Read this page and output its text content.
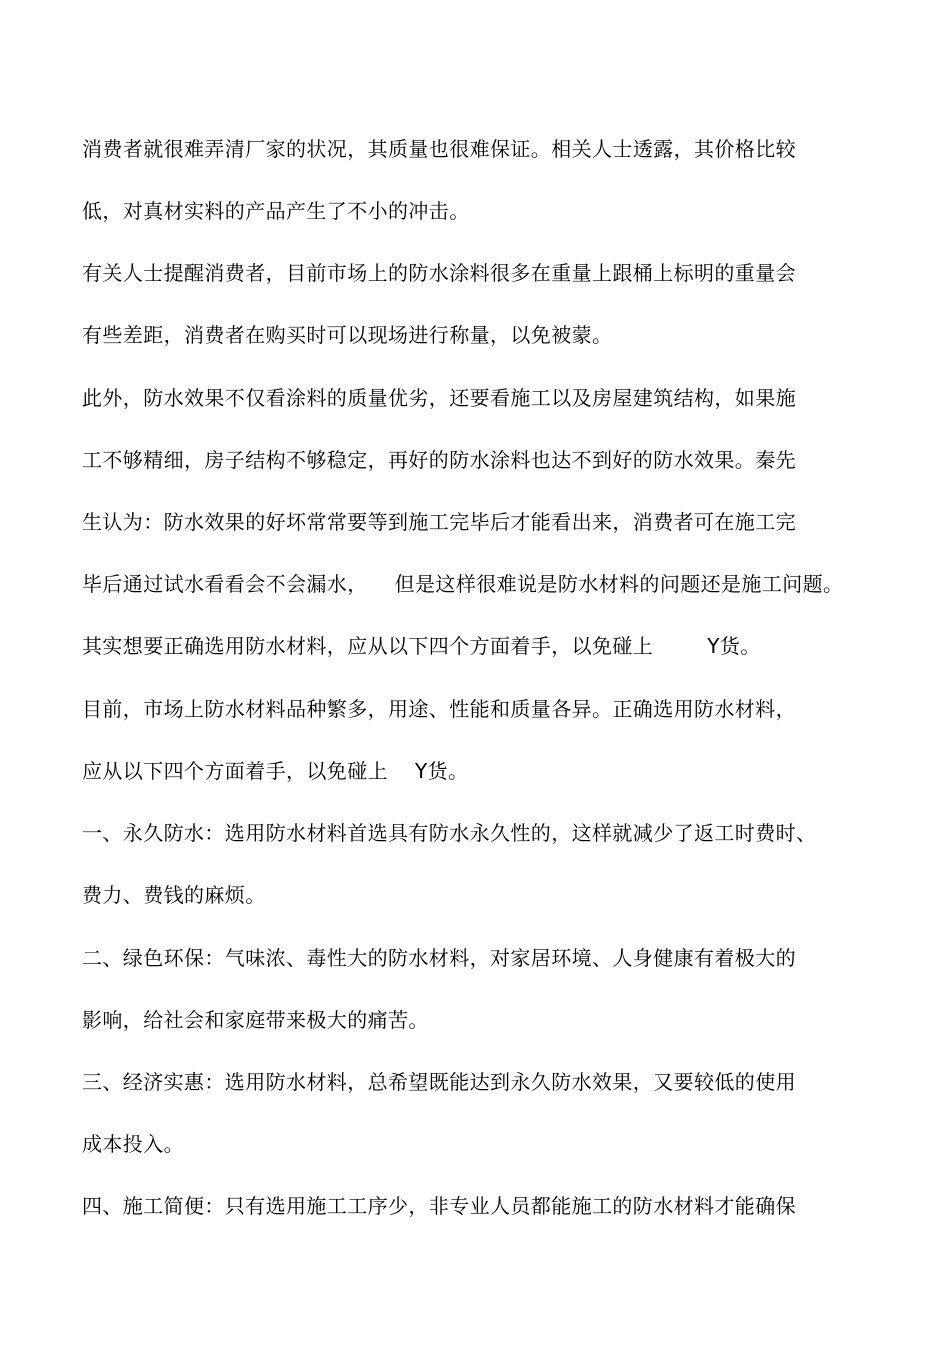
消费者就很难弄清厂家的状况，其质量也很难保证。相关人士透露，其价格比较

低，对真材实料的产品产生了不小的冲击。

有关人士提醒消费者，目前市场上的防水涂料很多在重量上跟桶上标明的重量会

有些差距，消费者在购买时可以现场进行称量，以免被蒙。

此外，防水效果不仅看涂料的质量优劣，还要看施工以及房屋建筑结构，如果施

工不够精细，房子结构不够稳定，再好的防水涂料也达不到好的防水效果。秦先

生认为：防水效果的好坏常常要等到施工完毕后才能看出来，消费者可在施工完

毕后通过试水看看会不会漏水，    但是这样很难说是防水材料的问题还是施工问题。

其实想要正确选用防水材料，应从以下四个方面着手，以免碰上        Y货。

目前，市场上防水材料品种繁多，用途、性能和质量各异。正确选用防水材料，

应从以下四个方面着手，以免碰上    Y货。

一、永久防水：选用防水材料首选具有防水永久性的，这样就减少了返工时费时、

费力、费钱的麻烦。

二、绿色环保：气味浓、毒性大的防水材料，对家居环境、人身健康有着极大的

影响，给社会和家庭带来极大的痛苦。

三、经济实惠：选用防水材料，总希望既能达到永久防水效果，又要较低的使用

成本投入。

四、施工简便：只有选用施工工序少，非专业人员都能施工的防水材料才能确保
